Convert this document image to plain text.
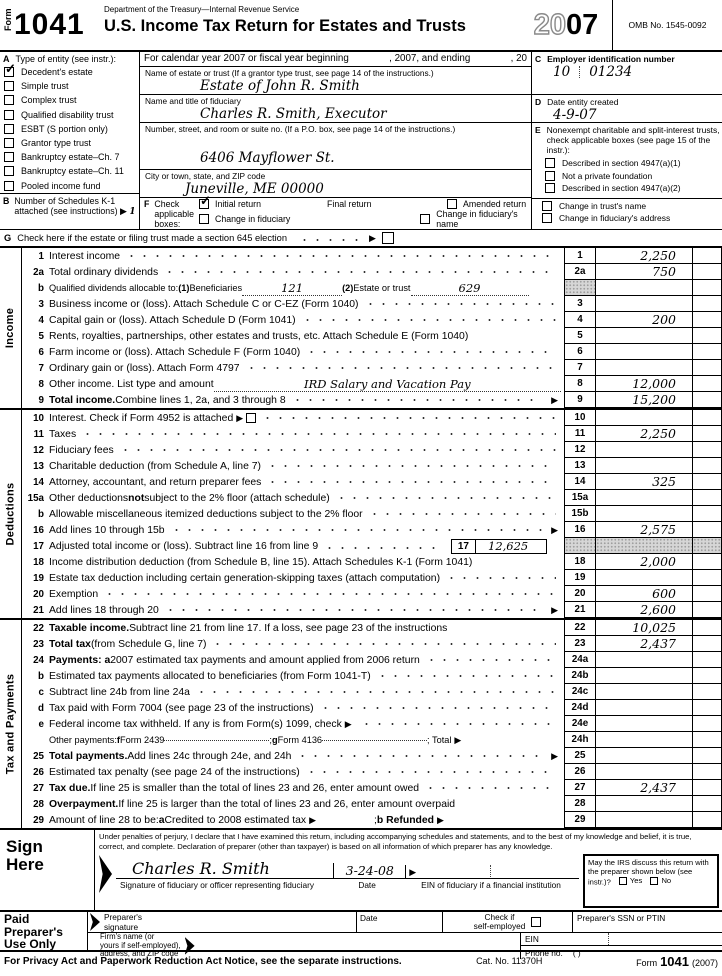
Form 1041 Department of the Treasury—Internal Revenue Service
U.S. Income Tax Return for Estates and Trusts	20 07	OMB No. 1545-0092
A Type of entity (see instr.):
✓
Decedent's estate
Simple trust
Complex trust
Qualified disability trust
ESBT (S portion only)
Grantor type trust
Bankruptcy estate–Ch. 7
Bankruptcy estate–Ch. 11
Pooled income fund
B Number of Schedules K-1 attached (see instructions) ▶ 1
For calendar year 2007 or fiscal year beginning	, 2007, and ending	, 20
Name of estate or trust (If a grantor type trust, see page 14 of the instructions.)
Estate of John R. Smith
Name and title of fiduciary
Charles R. Smith, Executor
Number, street, and room or suite no. (If a P.O. box, see page 14 of the instructions.)
6406 Mayflower St.
City or town, state, and ZIP code
Juneville, ME 00000
F Check applicable boxes:
✓
Initial return	Final return	Amended return
Change in fiduciary	Change in fiduciary's name
C Employer identification number
10 01234
D Date entity created
4-9-07
E Nonexempt charitable and split-interest trusts, check applicable boxes (see page 15 of the instr.):
Described in section 4947(a)(1)
Not a private foundation
Described in section 4947(a)(2)
Change in trust's name
Change in fiduciary's address
G Check here if the estate or filing trust made a section 645 election
▶
Income
1 Interest income	1	2,250
2a Total ordinary dividends	2a	750
b Qualified dividends allocable to: (1) Beneficiaries	121	(2) Estate or trust	629
3 Business income or (loss). Attach Schedule C or C-EZ (Form 1040)	3
4 Capital gain or (loss). Attach Schedule D (Form 1041)	4	200
5 Rents, royalties, partnerships, other estates and trusts, etc. Attach Schedule E (Form 1040)	5
6 Farm income or (loss). Attach Schedule F (Form 1040)	6
7 Ordinary gain or (loss). Attach Form 4797	7
8 Other income. List type and amount	IRD Salary and Vacation Pay	8	12,000
9 Total income. Combine lines 1, 2a, and 3 through 8 ▶	9	15,200
Deductions
10 Interest. Check if Form 4952 is attached ▶	10
11 Taxes	11	2,250
12 Fiduciary fees	12
13 Charitable deduction (from Schedule A, line 7)	13
14 Attorney, accountant, and return preparer fees	14	325
15a Other deductions not subject to the 2% floor (attach schedule)	15a
b Allowable miscellaneous itemized deductions subject to the 2% floor	15b
16 Add lines 10 through 15b ▶	16	2,575
17 Adjusted total income or (loss). Subtract line 16 from line 9	17	12,625
18 Income distribution deduction (from Schedule B, line 15). Attach Schedules K-1 (Form 1041)	18	2,000
19 Estate tax deduction including certain generation-skipping taxes (attach computation)	19
20 Exemption	20	600
21 Add lines 18 through 20 ▶	21	2,600
Tax and Payments
22 Taxable income. Subtract line 21 from line 17. If a loss, see page 23 of the instructions	22	10,025
23 Total tax (from Schedule G, line 7)	23	2,437
24 Payments: a 2007 estimated tax payments and amount applied from 2006 return	24a
b Estimated tax payments allocated to beneficiaries (from Form 1041-T)	24b
c Subtract line 24b from line 24a	24c
d Tax paid with Form 7004 (see page 23 of the instructions)	24d
e Federal income tax withheld. If any is from Form(s) 1099, check ▶	24e
Other payments: f Form 2439	; g Form 4136	; Total ▶	24h
25 Total payments. Add lines 24c through 24e, and 24h ▶	25
26 Estimated tax penalty (see page 24 of the instructions)	26
27 Tax due. If line 25 is smaller than the total of lines 23 and 26, enter amount owed	27	2,437
28 Overpayment. If line 25 is larger than the total of lines 23 and 26, enter amount overpaid	28
29 Amount of line 28 to be: a Credited to 2008 estimated tax ▶	; b Refunded ▶	29
Sign
Here
Under penalties of perjury, I declare that I have examined this return, including accompanying schedules and statements, and to the best of my knowledge and belief, it is true, correct, and complete. Declaration of preparer (other than taxpayer) is based on all information of which preparer has any knowledge.
Charles R. Smith	3-24-08
▶
Signature of fiduciary or officer representing fiduciary	Date	EIN of fiduciary if a financial institution
May the IRS discuss this return with the preparer shown below (see instr.)?	Yes
	No
Paid
Preparer's
Use Only
Preparer's
signature
Date	Check if
self-employed
Preparer's SSN or PTIN
Firm's name (or
yours if self-employed),
address, and ZIP code
EIN
Phone no. ( )
For Privacy Act and Paperwork Reduction Act Notice, see the separate instructions.	Cat. No. 11370H	Form 1041 (2007)
